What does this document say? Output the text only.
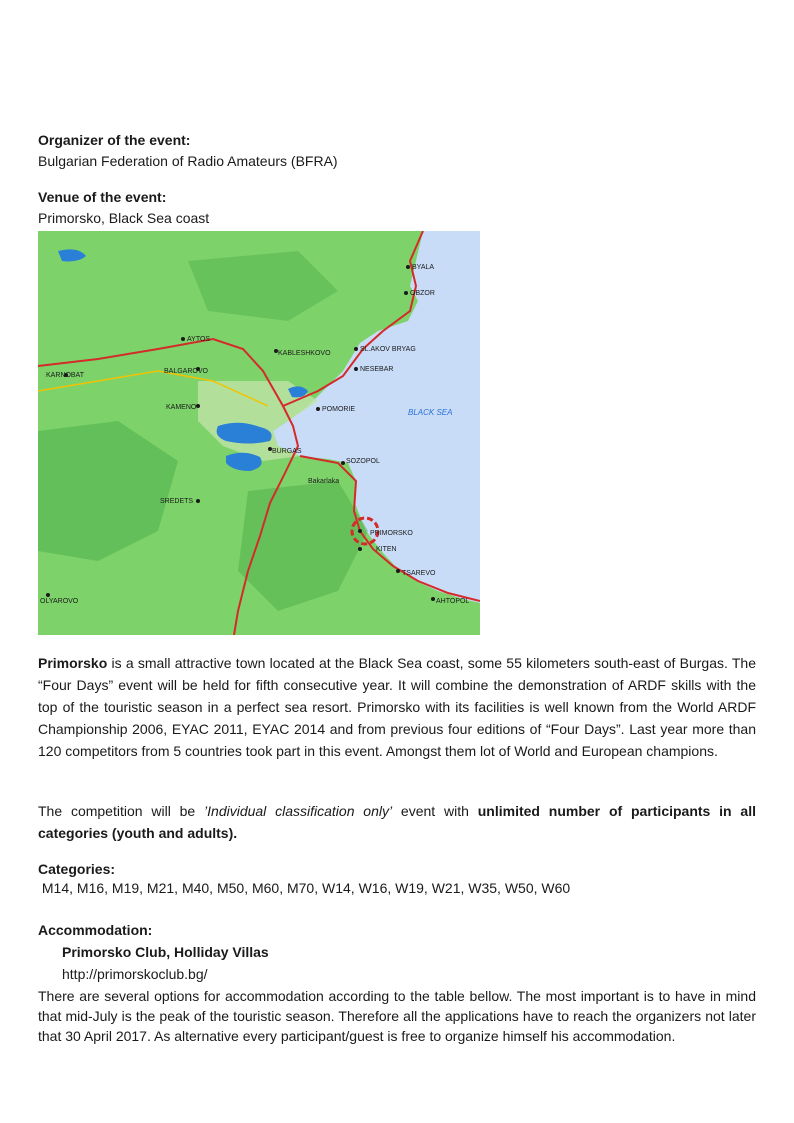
Organizer of the event:

Bulgarian Federation of Radio Amateurs (BFRA)

Venue of the event:

Primorsko, Black Sea coast

BYALA
OBZOR
AYTOS
KARNOBAT
KABLESHKOVO
SL.AKOV BRYAG
NESEBAR
BALGAROVO
KAMENO	POMORIE	BLACK SEA
BURGAS
SOZOPOL
Bakarlaka
SREDETS
PRIMORSKO
KITEN
TSAREVO
OLYAROVO	AHTOPOL

Primorsko is a small attractive town located at the Black Sea coast, some 55 kilometers south-east of Burgas. The “Four Days” event will be held for fifth consecutive year. It will combine the demonstration of ARDF skills with the top of the touristic season in a perfect sea resort. Primorsko with its facilities is well known from the World ARDF Championship 2006, EYAC 2011, EYAC 2014 and from previous four editions of “Four Days”. Last year more than 120 competitors from 5 countries took part in this event. Amongst them lot of World and European champions.

The competition will be ’Individual classification only’ event with unlimited number of participants in all categories (youth and adults).

Categories:

M14, M16, M19, M21, M40, M50, M60, M70, W14, W16, W19, W21, W35, W50, W60

Accommodation:

Primorsko Club, Holliday Villas

http://primorskoclub.bg/

There are several options for accommodation according to the table bellow. The most important is to have in mind that mid-July is the peak of the touristic season. Therefore all the applications have to reach the organizers not later that 30 April 2017. As alternative every participant/guest is free to organize himself his accommodation.
